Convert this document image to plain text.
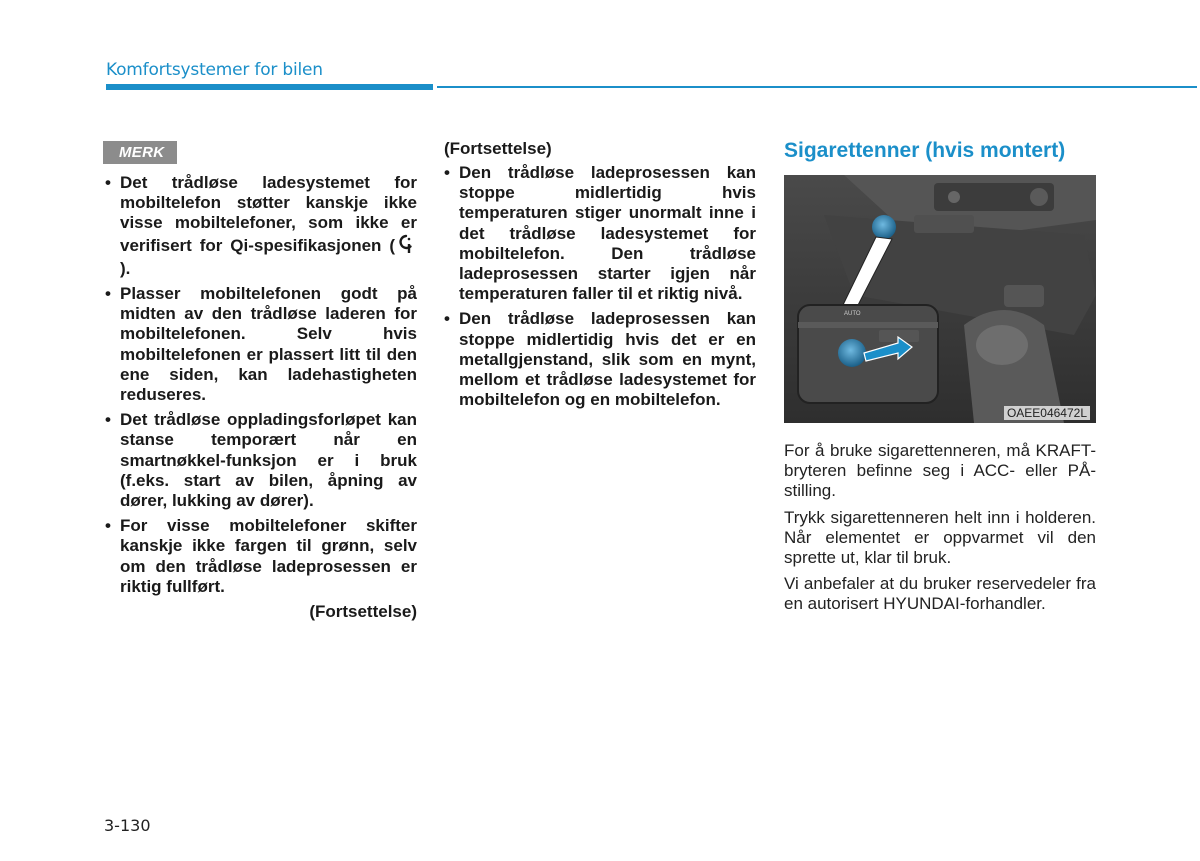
Komfortsystemer for bilen
MERK
• Det trådløse ladesystemet for mobiltelefon støtter kanskje ikke visse mobiltelefoner, som ikke er verifisert for Qi-spesifikasjonen ().
• Plasser mobiltelefonen godt på midten av den trådløse laderen for mobiltelefonen. Selv hvis mobiltelefonen er plassert litt til den ene siden, kan ladehastigheten reduseres.
• Det trådløse oppladingsforløpet kan stanse temporært når en smartnøkkel-funksjon er i bruk (f.eks. start av bilen, åpning av dører, lukking av dører).
• For visse mobiltelefoner skifter kanskje ikke fargen til grønn, selv om den trådløse ladeprosessen er riktig fullført.
(Fortsettelse)
(Fortsettelse)
• Den trådløse ladeprosessen kan stoppe midlertidig hvis temperaturen stiger unormalt inne i det trådløse ladesystemet for mobiltelefon. Den trådløse ladeprosessen starter igjen når temperaturen faller til et riktig nivå.
• Den trådløse ladeprosessen kan stoppe midlertidig hvis det er en metallgjenstand, slik som en mynt, mellom et trådløse ladesystemet for mobiltelefon og en mobiltelefon.
Sigarettenner (hvis montert)
AUTO
OAEE046472L

For å bruke sigarettenneren, må KRAFT-bryteren befinne seg i ACC- eller PÅ-stilling.

Trykk sigarettenneren helt inn i holderen. Når elementet er oppvarmet vil den sprette ut, klar til bruk.

Vi anbefaler at du bruker reservedeler fra en autorisert HYUNDAI-forhandler.

3-130
